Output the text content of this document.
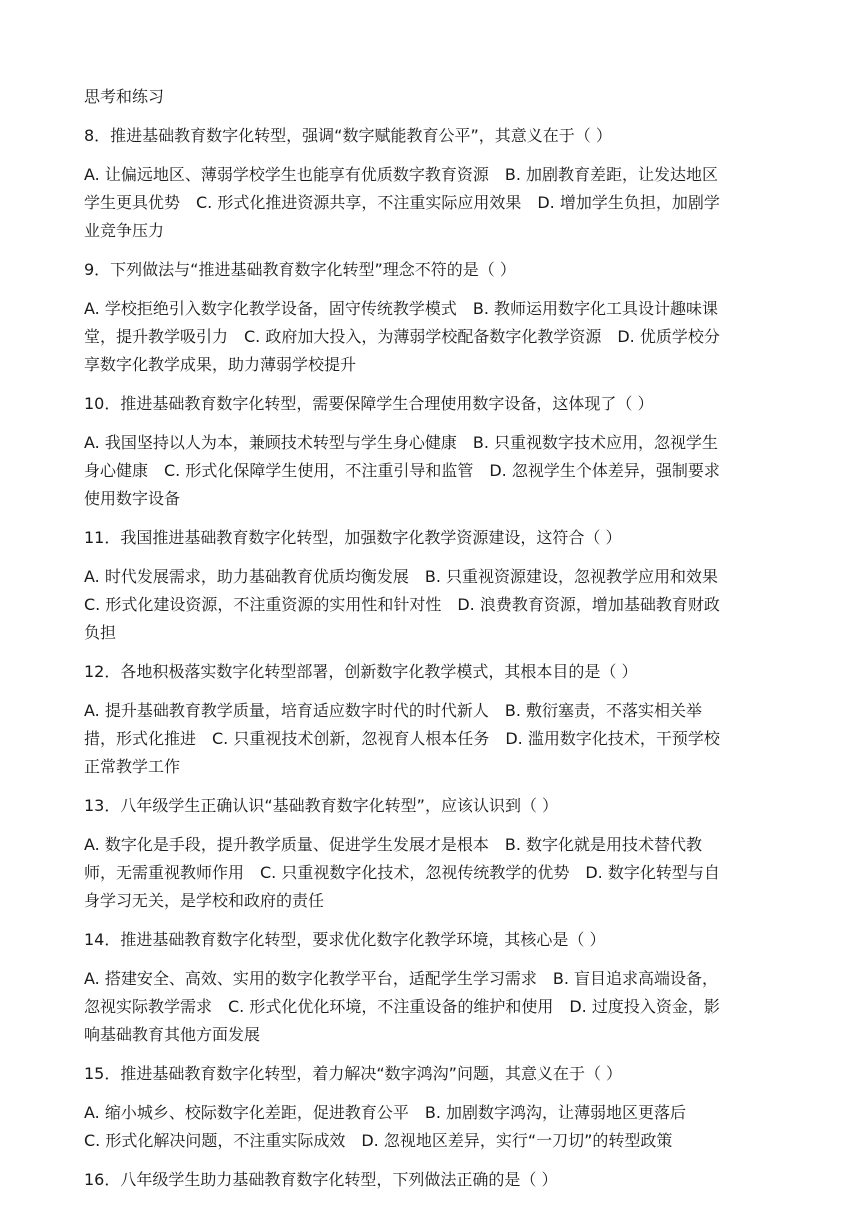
思考和练习
8．推进基础教育数字化转型，强调“数字赋能教育公平”，其意义在于（ ）
A. 让偏远地区、薄弱学校学生也能享有优质数字教育资源　B. 加剧教育差距，让发达地区
学生更具优势　C. 形式化推进资源共享，不注重实际应用效果　D. 增加学生负担，加剧学
业竞争压力
9．下列做法与“推进基础教育数字化转型”理念不符的是（ ）
A. 学校拒绝引入数字化教学设备，固守传统教学模式　B. 教师运用数字化工具设计趣味课
堂，提升教学吸引力　C. 政府加大投入，为薄弱学校配备数字化教学资源　D. 优质学校分
享数字化教学成果，助力薄弱学校提升
10．推进基础教育数字化转型，需要保障学生合理使用数字设备，这体现了（ ）
A. 我国坚持以人为本，兼顾技术转型与学生身心健康　B. 只重视数字技术应用，忽视学生
身心健康　C. 形式化保障学生使用，不注重引导和监管　D. 忽视学生个体差异，强制要求
使用数字设备
11．我国推进基础教育数字化转型，加强数字化教学资源建设，这符合（ ）
A. 时代发展需求，助力基础教育优质均衡发展　B. 只重视资源建设，忽视教学应用和效果
C. 形式化建设资源，不注重资源的实用性和针对性　D. 浪费教育资源，增加基础教育财政
负担
12．各地积极落实数字化转型部署，创新数字化教学模式，其根本目的是（ ）
A. 提升基础教育教学质量，培育适应数字时代的时代新人　B. 敷衍塞责，不落实相关举
措，形式化推进　C. 只重视技术创新，忽视育人根本任务　D. 滥用数字化技术，干预学校
正常教学工作
13．八年级学生正确认识“基础教育数字化转型”，应该认识到（ ）
A. 数字化是手段，提升教学质量、促进学生发展才是根本　B. 数字化就是用技术替代教
师，无需重视教师作用　C. 只重视数字化技术，忽视传统教学的优势　D. 数字化转型与自
身学习无关，是学校和政府的责任
14．推进基础教育数字化转型，要求优化数字化教学环境，其核心是（ ）
A. 搭建安全、高效、实用的数字化教学平台，适配学生学习需求　B. 盲目追求高端设备，
忽视实际教学需求　C. 形式化优化环境，不注重设备的维护和使用　D. 过度投入资金，影
响基础教育其他方面发展
15．推进基础教育数字化转型，着力解决“数字鸿沟”问题，其意义在于（ ）
A. 缩小城乡、校际数字化差距，促进教育公平　B. 加剧数字鸿沟，让薄弱地区更落后
C. 形式化解决问题，不注重实际成效　D. 忽视地区差异，实行“一刀切”的转型政策
16．八年级学生助力基础教育数字化转型，下列做法正确的是（ ）
